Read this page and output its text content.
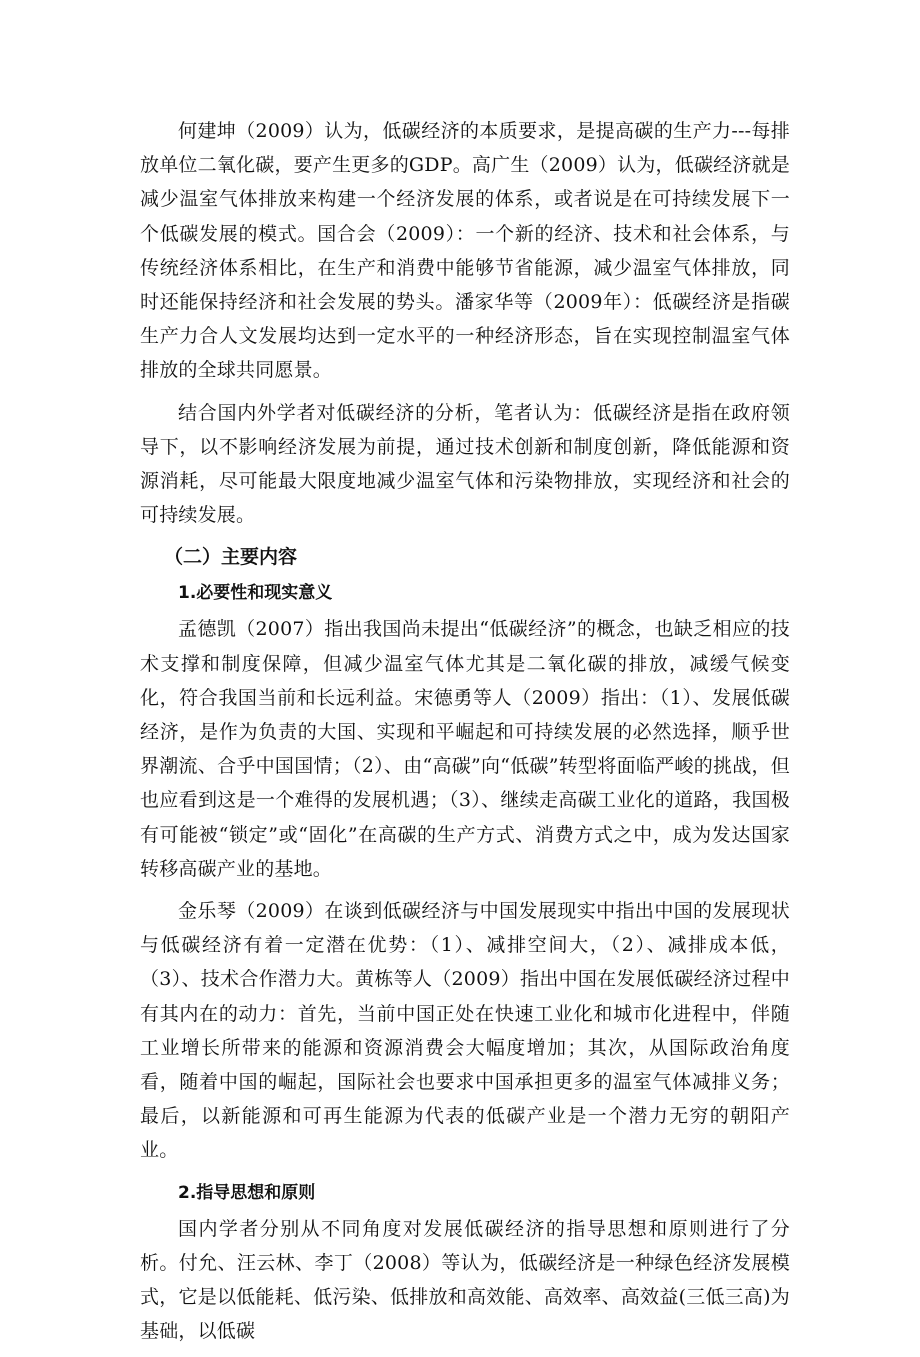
何建坤（2009）认为，低碳经济的本质要求，是提高碳的生产力---每排放单位二氧化碳，要产生更多的GDP。高广生（2009）认为，低碳经济就是减少温室气体排放来构建一个经济发展的体系，或者说是在可持续发展下一个低碳发展的模式。国合会（2009）：一个新的经济、技术和社会体系，与传统经济体系相比，在生产和消费中能够节省能源，减少温室气体排放，同时还能保持经济和社会发展的势头。潘家华等（2009年）：低碳经济是指碳生产力合人文发展均达到一定水平的一种经济形态，旨在实现控制温室气体排放的全球共同愿景。

结合国内外学者对低碳经济的分析，笔者认为：低碳经济是指在政府领导下，以不影响经济发展为前提，通过技术创新和制度创新，降低能源和资源消耗，尽可能最大限度地减少温室气体和污染物排放，实现经济和社会的可持续发展。

（二）主要内容
1.必要性和现实意义

孟德凯（2007）指出我国尚未提出“低碳经济”的概念，也缺乏相应的技术支撑和制度保障，但减少温室气体尤其是二氧化碳的排放，减缓气候变化，符合我国当前和长远利益。宋德勇等人（2009）指出：（1）、发展低碳经济，是作为负责的大国、实现和平崛起和可持续发展的必然选择，顺乎世界潮流、合乎中国国情；（2）、由“高碳”向“低碳”转型将面临严峻的挑战，但也应看到这是一个难得的发展机遇；（3）、继续走高碳工业化的道路，我国极有可能被“锁定”或“固化”在高碳的生产方式、消费方式之中，成为发达国家转移高碳产业的基地。

金乐琴（2009）在谈到低碳经济与中国发展现实中指出中国的发展现状与低碳经济有着一定潜在优势：（1）、减排空间大，（2）、减排成本低，（3）、技术合作潜力大。黄栋等人（2009）指出中国在发展低碳经济过程中有其内在的动力：首先，当前中国正处在快速工业化和城市化进程中，伴随工业增长所带来的能源和资源消费会大幅度增加；其次，从国际政治角度看，随着中国的崛起，国际社会也要求中国承担更多的温室气体减排义务；最后，以新能源和可再生能源为代表的低碳产业是一个潜力无穷的朝阳产业。

2.指导思想和原则

国内学者分别从不同角度对发展低碳经济的指导思想和原则进行了分析。付允、汪云林、李丁（2008）等认为，低碳经济是一种绿色经济发展模式，它是以低能耗、低污染、低排放和高效能、高效率、高效益(三低三高)为基础，以低碳
